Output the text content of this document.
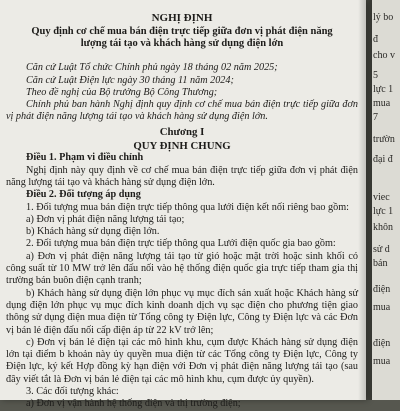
NGHỊ ĐỊNH
Quy định cơ chế mua bán điện trực tiếp giữa đơn vị phát điện năng lượng tái tạo và khách hàng sử dụng điện lớn

Căn cứ Luật Tổ chức Chính phủ ngày 18 tháng 02 năm 2025;

Căn cứ Luật Điện lực ngày 30 tháng 11 năm 2024;

Theo đề nghị của Bộ trưởng Bộ Công Thương;

Chính phủ ban hành Nghị định quy định cơ chế mua bán điện trực tiếp giữa đơn vị phát điện năng lượng tái tạo và khách hàng sử dụng điện lớn.

Chương I
QUY ĐỊNH CHUNG

Điều 1. Phạm vi điều chỉnh

Nghị định này quy định về cơ chế mua bán điện trực tiếp giữa đơn vị phát điện năng lượng tái tạo và khách hàng sử dụng điện lớn.

Điều 2. Đối tượng áp dụng

1. Đối tượng mua bán điện trực tiếp thông qua lưới điện kết nối riêng bao gồm:

a) Đơn vị phát điện năng lượng tái tạo;

b) Khách hàng sử dụng điện lớn.

2. Đối tượng mua bán điện trực tiếp thông qua Lưới điện quốc gia bao gồm:

a) Đơn vị phát điện năng lượng tái tạo từ gió hoặc mặt trời hoặc sinh khối có công suất từ 10 MW trở lên đấu nối vào hệ thống điện quốc gia trực tiếp tham gia thị trường bán buôn điện cạnh tranh;

b) Khách hàng sử dụng điện lớn phục vụ mục đích sản xuất hoặc Khách hàng sử dụng điện lớn phục vụ mục đích kinh doanh dịch vụ sạc điện cho phương tiện giao thông sử dụng điện mua điện từ Tổng công ty Điện lực, Công ty Điện lực và các Đơn vị bán lẻ điện đấu nối cấp điện áp từ 22 kV trở lên;

c) Đơn vị bán lẻ điện tại các mô hình khu, cụm được Khách hàng sử dụng điện lớn tại điểm b khoản này ủy quyền mua điện từ các Tổng công ty Điện lực, Công ty Điện lực, ký kết Hợp đồng kỳ hạn điện với Đơn vị phát điện năng lượng tái tạo (sau đây viết tắt là Đơn vị bán lẻ điện tại các mô hình khu, cụm được ủy quyền).

3. Các đối tượng khác:

a) Đơn vị vận hành hệ thống điện và thị trường điện;

lý bo
đ
cho v
5
lực 1
mua
7
trườn
đại đ
viec
lực 1
khôn
sử d
bán
điện
mua
điện
mua
